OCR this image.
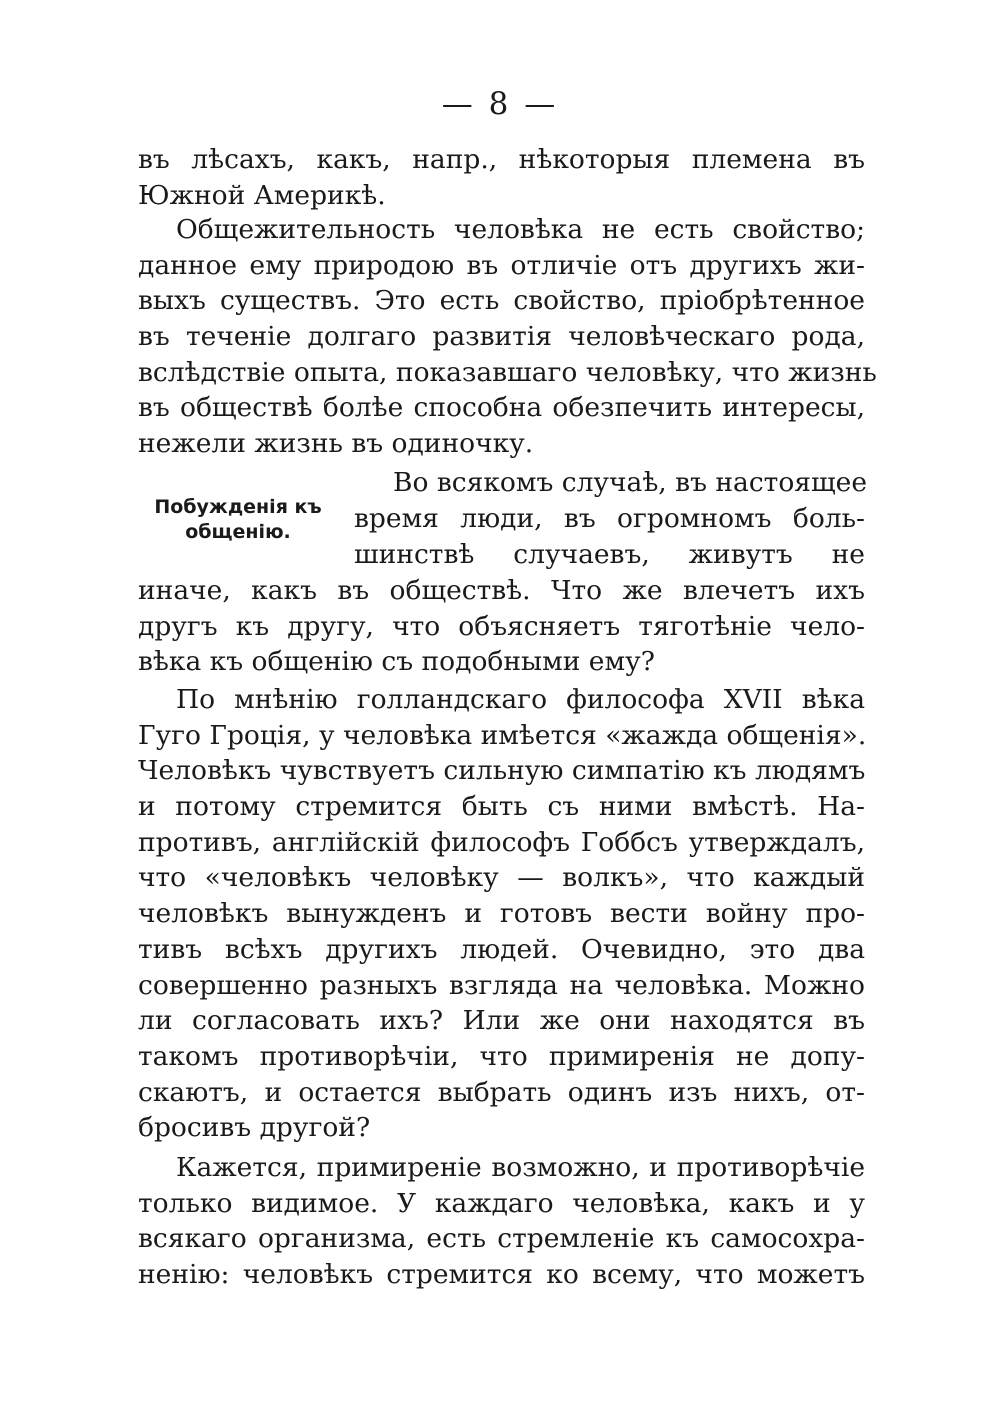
— 8 —
въ лѣсахъ, какъ, напр., нѣкоторыя племена въ
Южной Америкѣ.
Общежительность человѣка не есть свойство;
данное ему природою въ отличіе отъ другихъ жи-
выхъ существъ. Это есть свойство, пріобрѣтенное
въ теченіе долгаго развитія человѣческаго рода,
вслѣдствіе опыта, показавшаго человѣку, что жизнь
въ обществѣ болѣе способна обезпечить интересы,
нежели жизнь въ одиночку.
Побужденія къ
общенію.
Во всякомъ случаѣ, въ настоящее
время люди, въ огромномъ боль-
шинствѣ случаевъ, живутъ не
иначе, какъ въ обществѣ. Что же влечетъ ихъ
другъ къ другу, что объясняетъ тяготѣніе чело-
вѣка къ общенію съ подобными ему?
По мнѣнію голландскаго философа XVII вѣка
Гуго Гроція, у человѣка имѣется «жажда общенія».
Человѣкъ чувствуетъ сильную симпатію къ людямъ
и потому стремится быть съ ними вмѣстѣ. На-
противъ, англійскій философъ Гоббсъ утверждалъ,
что «человѣкъ человѣку — волкъ», что каждый
человѣкъ вынужденъ и готовъ вести войну про-
тивъ всѣхъ другихъ людей. Очевидно, это два
совершенно разныхъ взгляда на человѣка. Можно
ли согласовать ихъ? Или же они находятся въ
такомъ противорѣчіи, что примиренія не допу-
скаютъ, и остается выбрать одинъ изъ нихъ, от-
бросивъ другой?
Кажется, примиреніе возможно, и противорѣчіе
только видимое. У каждаго человѣка, какъ и у
всякаго организма, есть стремленіе къ самосохра-
ненію: человѣкъ стремится ко всему, что можетъ
